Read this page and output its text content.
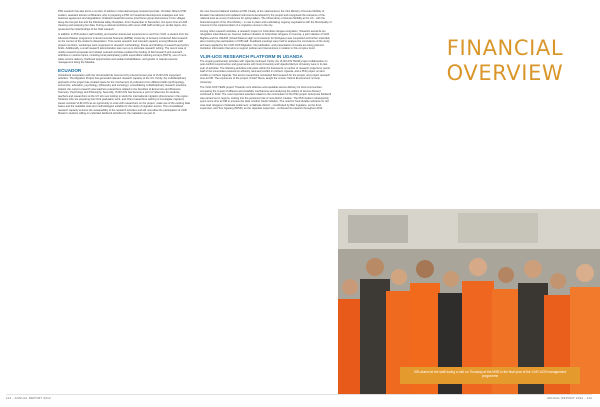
PhD research has also led to a number of articles in international peer-reviewed journals. Christian Ntirenyi PhD student, assistant lecturer at Mbarara, who is preparing a PhD on household development strategies and new business agreement and degradation, finalised household course proof focus group discussions in four villages along the Kenyan line and the Kikuletwa valley floodplain. From September to December, she spent time at UGB cleaning and analysing her data. During a national workshop with some UGB staff working on similar topics, she presented the initial findings of her field research.

In addition to PhD student staff mobility, and teacher-trainee-led experiences to and from VLIR, a student from the Advanced Master programme in Environmental Sciences (EMSE) University of Antwerp conducted field research on the context of the student's dissertation. Time series research and outreach capacity among Mbarara staff project members, workshops were organised on research methodology, fitness and drafting of research and policy briefs. Additionally, a small research administration team set up to stimulate research writing. The recent case of mobile research proposals and related outreach activities enabled the funding of field research and outreach activities on various topics, including local participatory public expenditure tracking surveys (PETS), use of more water-service delivery, livelihood opportunities and wetland rehabilitation, and gender in natural resource management along the Masaka.

ECUADOR

Institutional cooperation with the Universidad de Cuenca (UC) entered its last year of VLIR-UOS supported activities. The Migration Project has generated relevant research capacity at the UC. Firstly, the multidisciplinary approach of the project has created space for the involvement of professors from different fields (anthropology, economics, education, psychology, philosophy and sociology), consolidating multidisciplinary research practices. Indeed, the current research was teachers-researchers related to the Faculties of Economics and Business Sciences, Psychology and Philosophy. Secondly, VLIR-UOS has become a point of reference for students, teachers and researchers at the UC who are looking to study the international migration phenomena in the region. Students who are preparing their final graduation work, and other researchers wishing to investigate migratory issues consider VLIR-UOS as an opportunity to work with researchers on the project, make use of the existing data bases and the available tools and methodologies suitable for the study of migration events. This consolidated research capacity ensures the sustainability of the research activities and will now allow the participation of UGB Master's students willing to undertake fieldwork activities for the realisation as part of

the new Cuenca National Institute at IOB. Finally, at the national level, the Vice Ministry of Human Mobility of Ecuador has adopted and updated instruments developed by the project and recognised the relevance of the national level as a tool of reference for policymakers. The Observatory of Human Mobility at the UC - with the financial support of the Vice Ministry - is now in place and undertaking ongoing negotiations with the Municipality of Cuenca for the implementation of a migration census in the city.

Among other research activities, a research project on Colombian refugee emigration, 'Situación actual de los refugiados colombianos en Cuenca' (Labour situation of Colombian refugees in Cuenca), a joint initiative of VLIR Migflow and the UNHCR (United Nations High Commissioner for Refugees) was completed and further extended, also involving the participation of IOB staff. Feedback meetings were held to analyse the conclusions of the study and were applied by the VLIR-UOS Migration, the publication, and presentation of results are being planned. Institution information that aims to support policies and interventions in relation to this complex trend.

VLIR-UOS RESEARCH PLATFORM IN UGANDA

The ongoing partnership activities with Uganda continued. Firstly, the VLIR-UOS TEAM project collaboration on post-conflict reconstruction and governance with Gulu University and Uganda Martyrs University were in its last year of activities. The following activities took place within the framework: a number of research projects by senior staff of the universities received on ethnicity, land and conflict in northern Uganda, and a PhD project on land conflict in northern Uganda. Two senior researchers conducted field research for the project, and project research time at IOB. The experience of the project, Kristof Titeca, taught the course 'Violent Environment' at Gulu University.

The VLIR-UOS TEAM project 'Towards more effective and equitable service delivery for local communities: comparing the impact of different accountability mechanisms and analysing the politics of service delivery' continued in 2012. The most important activities related to the continuation of the PhD project. Enterprise fieldwork was carried out in regions, looking into the perceived role of new district creation. The PhD student subsequently spent some time at IOB to process the data. Another South initiative, 'The need for food durable solutions for old case load refugees in Nakivale settlement: a Nakivale district' - coordinated by Bert Ingelaere, as the fund-supervisor, and Tom Ogwang (MISR), as the Ugandan supervisor - continued its research throughout 2012.

FINANCIAL
OVERVIEW
IOB alumni at the staff during a visit on Thursday at the MSB in the final year of the VLIR-UOS management programme
112 - ANNUAL REPORT 2012	ANNUAL REPORT 2012 - 113
